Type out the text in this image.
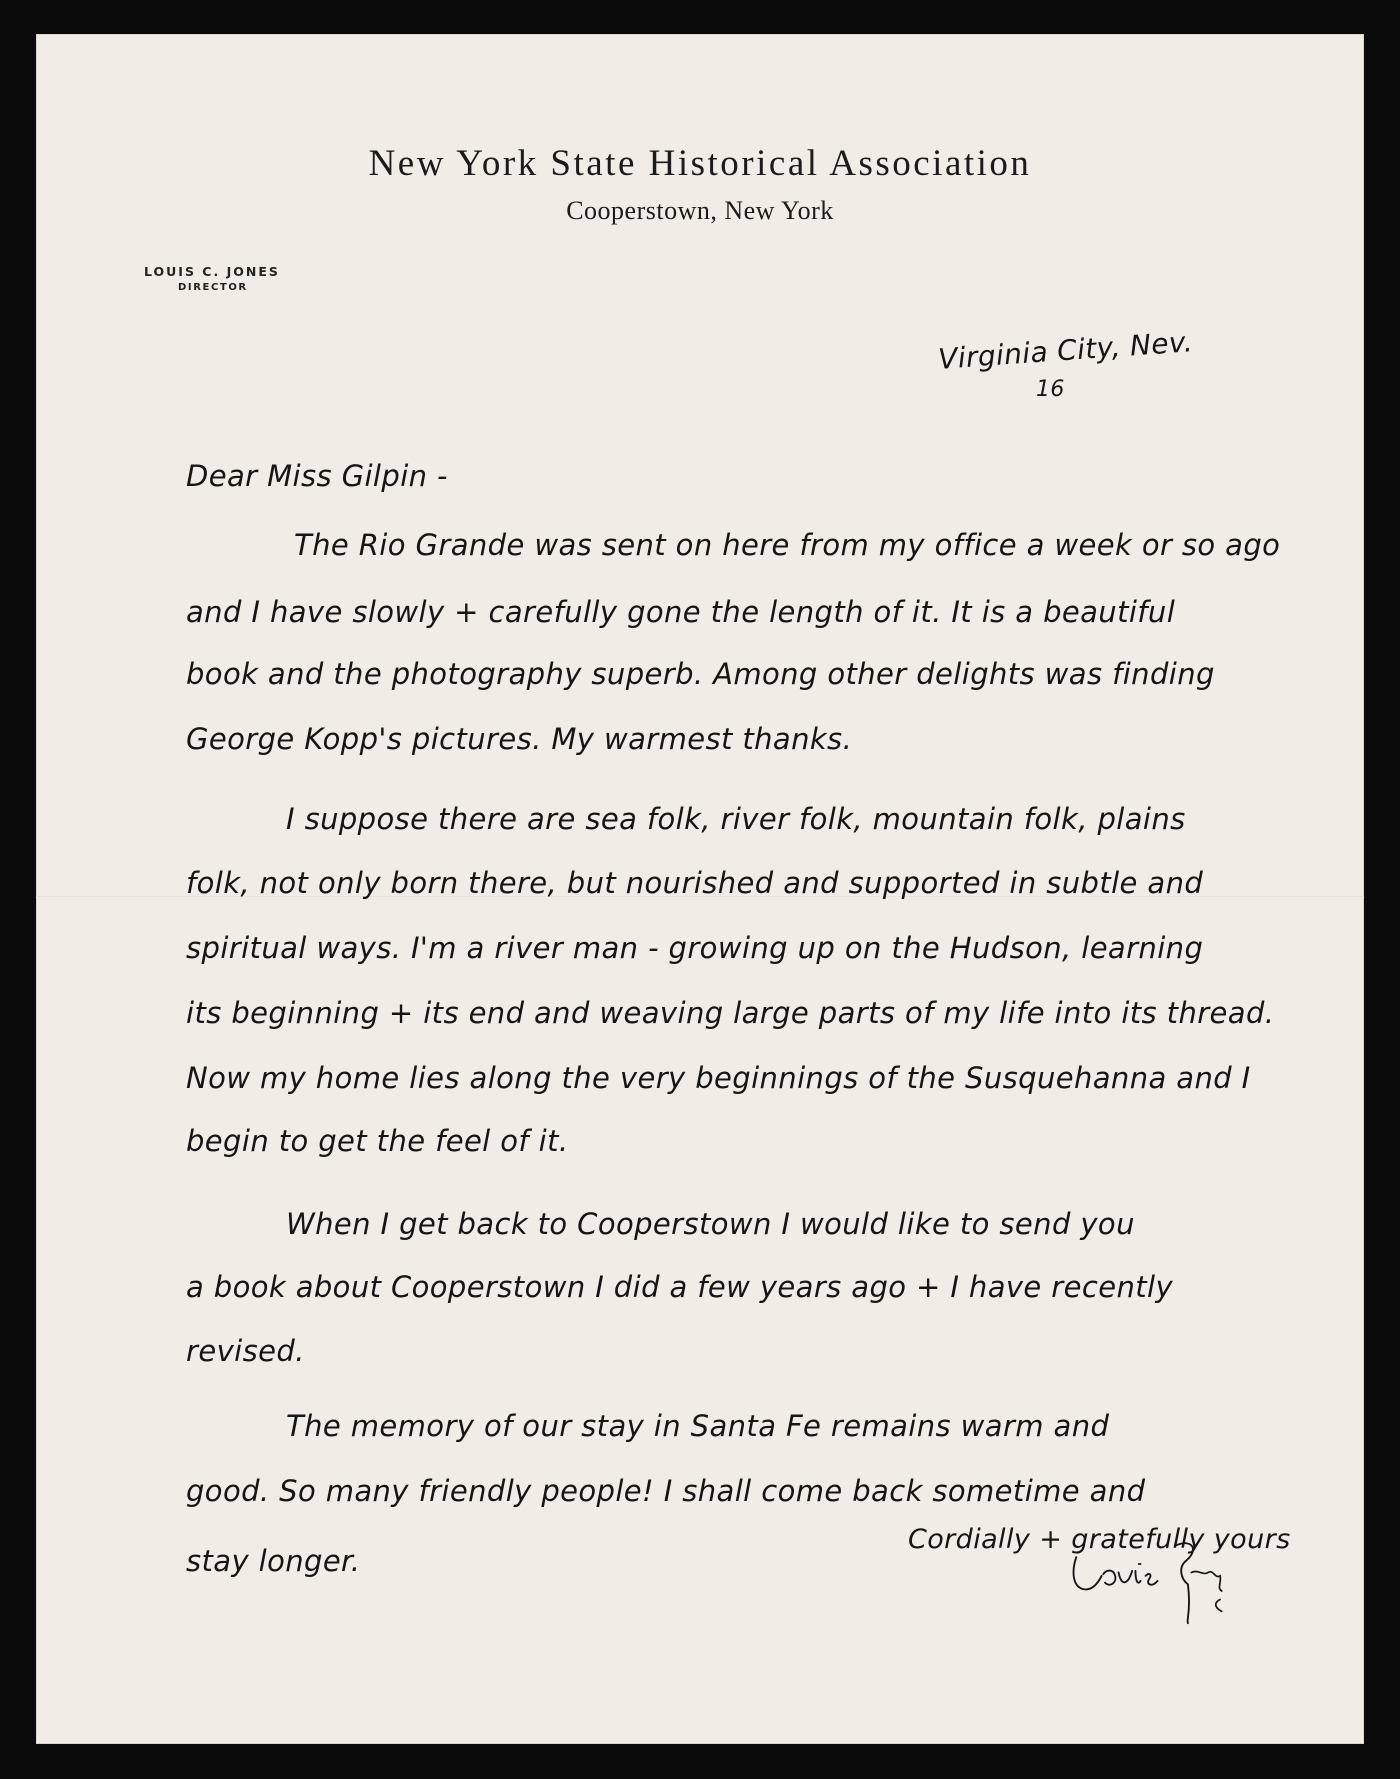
New York State Historical Association
Cooperstown, New York
LOUIS C. JONES
DIRECTOR
Virginia City, Nev.
16
Dear Miss Gilpin -
The Rio Grande was sent on here from my office a week or so ago
and I have slowly + carefully gone the length of it. It is a beautiful
book and the photography superb. Among other delights was finding
George Kopp's pictures. My warmest thanks.
I suppose there are sea folk, river folk, mountain folk, plains
folk, not only born there, but nourished and supported in subtle and
spiritual ways. I'm a river man - growing up on the Hudson, learning
its beginning + its end and weaving large parts of my life into its thread.
Now my home lies along the very beginnings of the Susquehanna and I
begin to get the feel of it.
When I get back to Cooperstown I would like to send you
a book about Cooperstown I did a few years ago + I have recently
revised.
The memory of our stay in Santa Fe remains warm and
good. So many friendly people! I shall come back sometime and
stay longer.
Cordially + gratefully yours
